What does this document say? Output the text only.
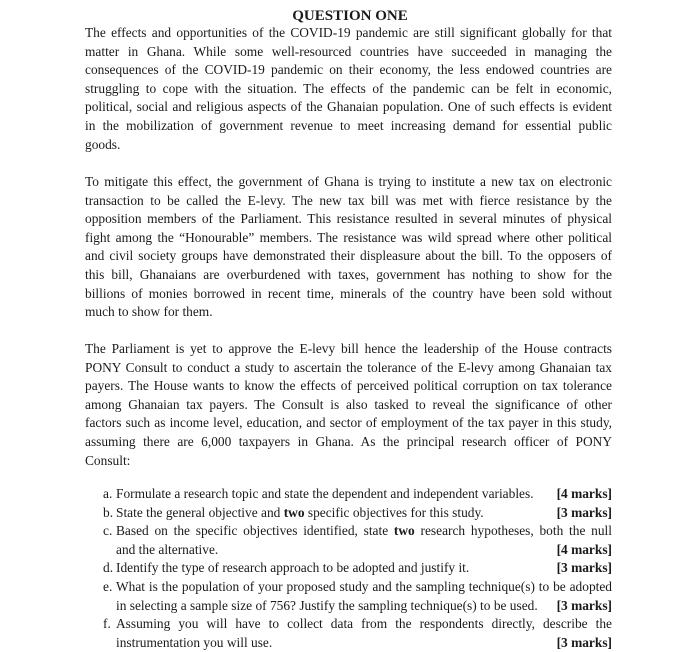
QUESTION ONE
The effects and opportunities of the COVID-19 pandemic are still significant globally for that
matter in Ghana. While some well-resourced countries have succeeded in managing the
consequences of the COVID-19 pandemic on their economy, the less endowed countries are
struggling to cope with the situation. The effects of the pandemic can be felt in economic,
political, social and religious aspects of the Ghanaian population. One of such effects is evident
in the mobilization of government revenue to meet increasing demand for essential public
goods.
To mitigate this effect, the government of Ghana is trying to institute a new tax on electronic
transaction to be called the E-levy. The new tax bill was met with fierce resistance by the
opposition members of the Parliament. This resistance resulted in several minutes of physical
fight among the “Honourable” members. The resistance was wild spread where other political
and civil society groups have demonstrated their displeasure about the bill. To the opposers of
this bill, Ghanaians are overburdened with taxes, government has nothing to show for the
billions of monies borrowed in recent time, minerals of the country have been sold without
much to show for them.
The Parliament is yet to approve the E-levy bill hence the leadership of the House contracts
PONY Consult to conduct a study to ascertain the tolerance of the E-levy among Ghanaian tax
payers. The House wants to know the effects of perceived political corruption on tax tolerance
among Ghanaian tax payers. The Consult is also tasked to reveal the significance of other
factors such as income level, education, and sector of employment of the tax payer in this study,
assuming there are 6,000 taxpayers in Ghana. As the principal research officer of PONY
Consult:
a. Formulate a research topic and state the dependent and independent variables.	[4 marks]
b. State the general objective and two specific objectives for this study.	[3 marks]
c. Based on the specific objectives identified, state two research hypotheses, both the null
and the alternative.	[4 marks]
d. Identify the type of research approach to be adopted and justify it.	[3 marks]
e. What is the population of your proposed study and the sampling technique(s) to be adopted
in selecting a sample size of 756? Justify the sampling technique(s) to be used.	[3 marks]
f. Assuming you will have to collect data from the respondents directly, describe the
instrumentation you will use.	[3 marks]
